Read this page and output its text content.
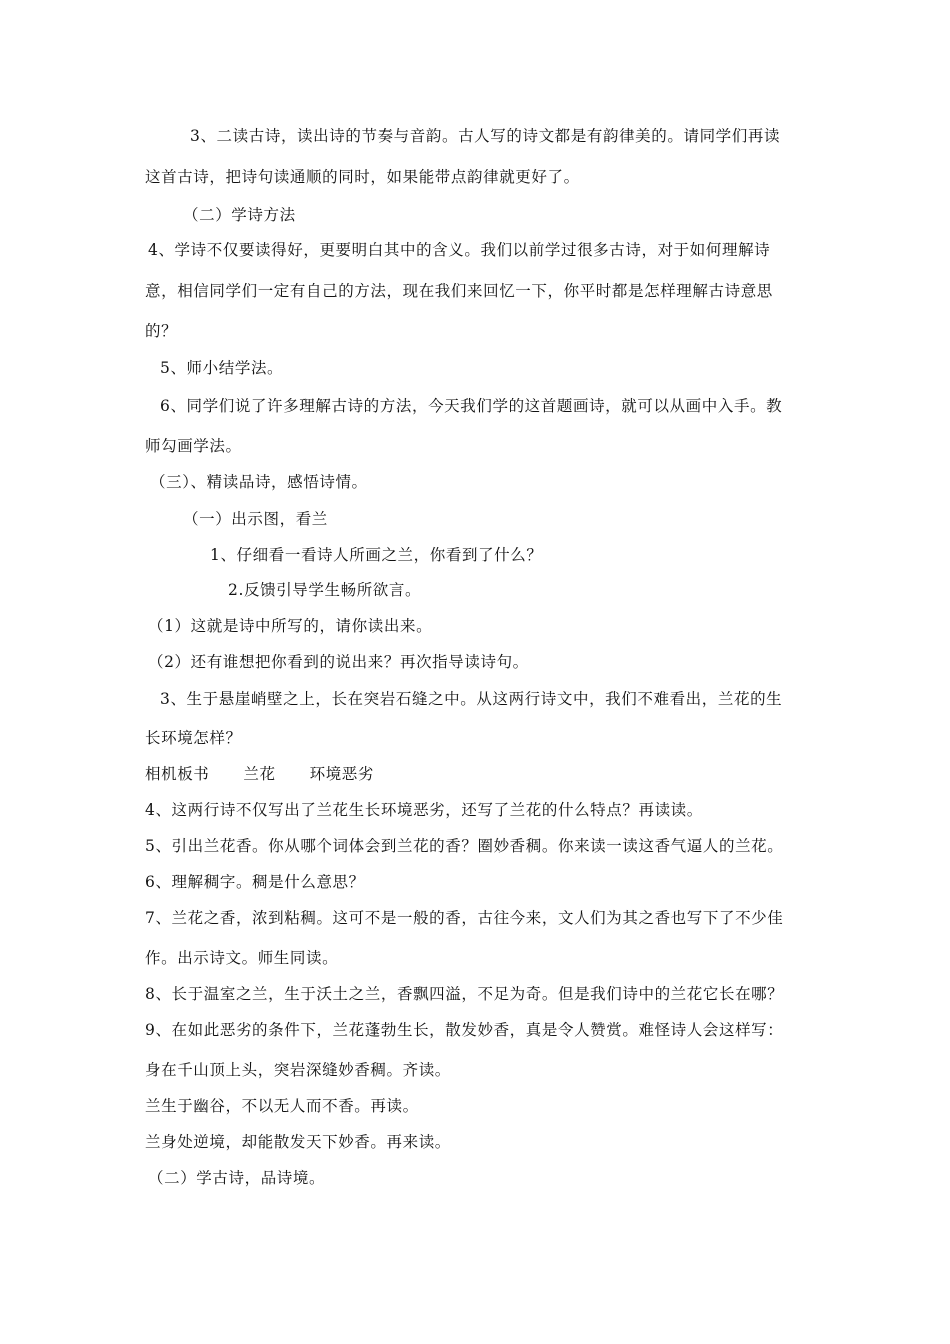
3、二读古诗，读出诗的节奏与音韵。古人写的诗文都是有韵律美的。请同学们再读
这首古诗，把诗句读通顺的同时，如果能带点韵律就更好了。
（二）学诗方法
4、学诗不仅要读得好，更要明白其中的含义。我们以前学过很多古诗，对于如何理解诗
意，相信同学们一定有自己的方法，现在我们来回忆一下，你平时都是怎样理解古诗意思
的？
5、师小结学法。
6、同学们说了许多理解古诗的方法，今天我们学的这首题画诗，就可以从画中入手。教
师勾画学法。
（三）、精读品诗，感悟诗情。
（一）出示图，看兰
1、仔细看一看诗人所画之兰，你看到了什么？
2.反馈引导学生畅所欲言。
（1）这就是诗中所写的，请你读出来。
（2）还有谁想把你看到的说出来？再次指导读诗句。
3、生于悬崖峭壁之上，长在突岩石缝之中。从这两行诗文中，我们不难看出，兰花的生
长环境怎样？
相机板书 兰花 环境恶劣
4、这两行诗不仅写出了兰花生长环境恶劣，还写了兰花的什么特点？再读读。
5、引出兰花香。你从哪个词体会到兰花的香？圈妙香稠。你来读一读这香气逼人的兰花。
6、理解稠字。稠是什么意思？
7、兰花之香，浓到粘稠。这可不是一般的香，古往今来，文人们为其之香也写下了不少佳
作。出示诗文。师生同读。
8、长于温室之兰，生于沃土之兰，香飘四溢，不足为奇。但是我们诗中的兰花它长在哪？
9、在如此恶劣的条件下，兰花蓬勃生长，散发妙香，真是令人赞赏。难怪诗人会这样写：
身在千山顶上头，突岩深缝妙香稠。齐读。
兰生于幽谷，不以无人而不香。再读。
兰身处逆境，却能散发天下妙香。再来读。
（二）学古诗，品诗境。
